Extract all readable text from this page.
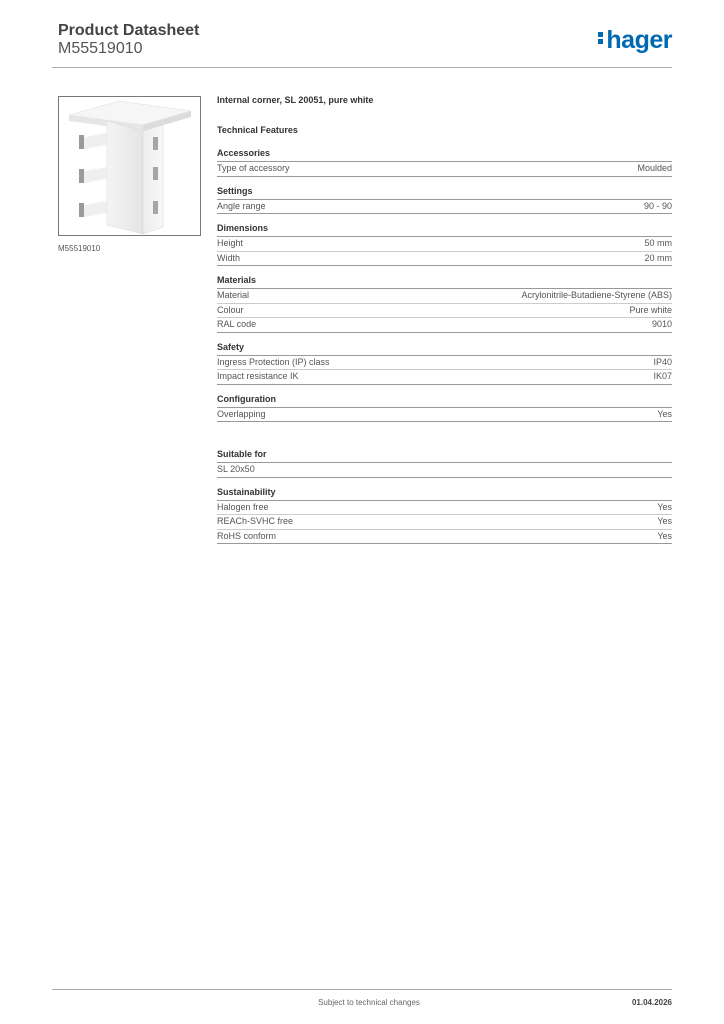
Product Datasheet
M55519010	hager
M55519010
Internal corner, SL 20051, pure white
Technical Features
Accessories
Type of accessory	Moulded
Settings
Angle range	90 - 90
Dimensions
Height	50 mm
Width	20 mm
Materials
Material	Acrylonitrile-Butadiene-Styrene (ABS)
Colour	Pure white
RAL code	9010
Safety
Ingress Protection (IP) class	IP40
Impact resistance IK	IK07
Configuration
Overlapping	Yes
Suitable for
SL 20x50
Sustainability
Halogen free	Yes
REACh-SVHC free	Yes
RoHS conform	Yes
Subject to technical changes	01.04.2026
